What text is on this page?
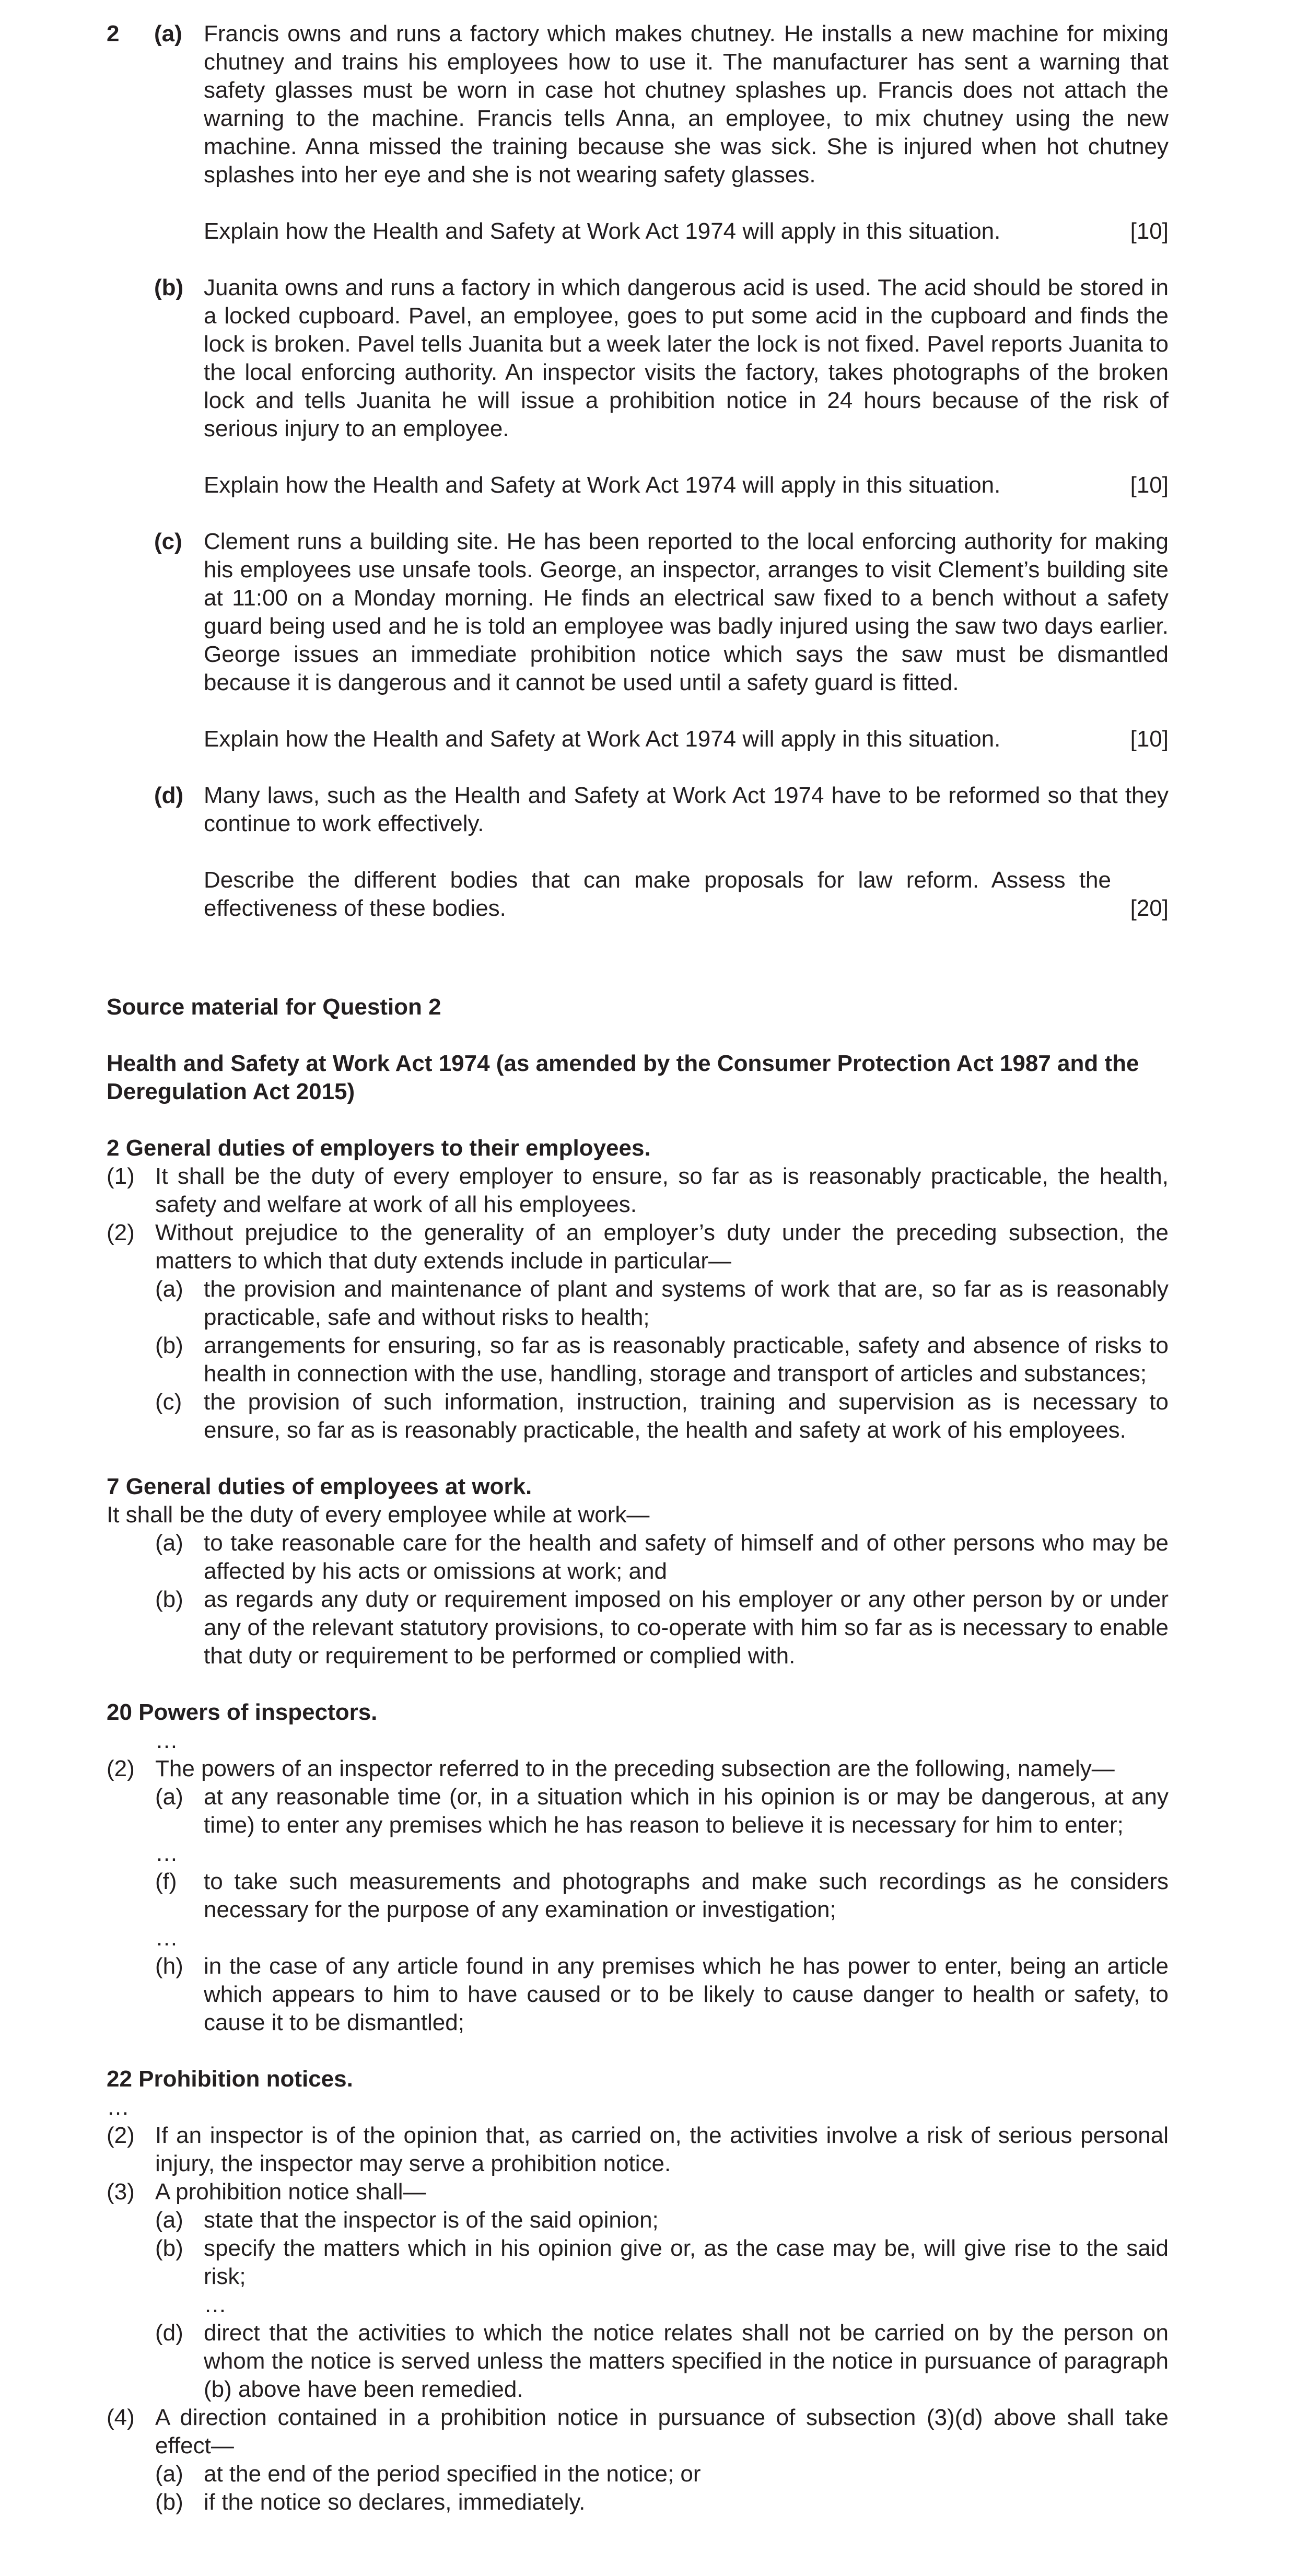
2 (a) Francis owns and runs a factory which makes chutney. He installs a new machine for mixing chutney and trains his employees how to use it. The manufacturer has sent a warning that safety glasses must be worn in case hot chutney splashes up. Francis does not attach the warning to the machine. Francis tells Anna, an employee, to mix chutney using the new machine. Anna missed the training because she was sick. She is injured when hot chutney splashes into her eye and she is not wearing safety glasses.

Explain how the Health and Safety at Work Act 1974 will apply in this situation.	[10]
(b) Juanita owns and runs a factory in which dangerous acid is used. The acid should be stored in a locked cupboard. Pavel, an employee, goes to put some acid in the cupboard and finds the lock is broken. Pavel tells Juanita but a week later the lock is not fixed. Pavel reports Juanita to the local enforcing authority. An inspector visits the factory, takes photographs of the broken lock and tells Juanita he will issue a prohibition notice in 24 hours because of the risk of serious injury to an employee.

Explain how the Health and Safety at Work Act 1974 will apply in this situation.	[10]
(c) Clement runs a building site. He has been reported to the local enforcing authority for making his employees use unsafe tools. George, an inspector, arranges to visit Clement’s building site at 11:00 on a Monday morning. He finds an electrical saw fixed to a bench without a safety guard being used and he is told an employee was badly injured using the saw two days earlier. George issues an immediate prohibition notice which says the saw must be dismantled because it is dangerous and it cannot be used until a safety guard is fitted.

Explain how the Health and Safety at Work Act 1974 will apply in this situation.	[10]
(d) Many laws, such as the Health and Safety at Work Act 1974 have to be reformed so that they continue to work effectively.

Describe the different bodies that can make proposals for law reform. Assess the effectiveness of these bodies.	[20]

Source material for Question 2

Health and Safety at Work Act 1974 (as amended by the Consumer Protection Act 1987 and the Deregulation Act 2015)

2 General duties of employers to their employees.

(1) It shall be the duty of every employer to ensure, so far as is reasonably practicable, the health, safety and welfare at work of all his employees.
(2) Without prejudice to the generality of an employer’s duty under the preceding subsection, the matters to which that duty extends include in particular—
(a) the provision and maintenance of plant and systems of work that are, so far as is reasonably practicable, safe and without risks to health;
(b) arrangements for ensuring, so far as is reasonably practicable, safety and absence of risks to health in connection with the use, handling, storage and transport of articles and substances;
(c) the provision of such information, instruction, training and supervision as is necessary to ensure, so far as is reasonably practicable, the health and safety at work of his employees.

7 General duties of employees at work.

It shall be the duty of every employee while at work—
(a) to take reasonable care for the health and safety of himself and of other persons who may be affected by his acts or omissions at work; and
(b) as regards any duty or requirement imposed on his employer or any other person by or under any of the relevant statutory provisions, to co-operate with him so far as is necessary to enable that duty or requirement to be performed or complied with.

20 Powers of inspectors.

…
(2) The powers of an inspector referred to in the preceding subsection are the following, namely—
(a) at any reasonable time (or, in a situation which in his opinion is or may be dangerous, at any time) to enter any premises which he has reason to believe it is necessary for him to enter;
…
(f) to take such measurements and photographs and make such recordings as he considers necessary for the purpose of any examination or investigation;
…
(h) in the case of any article found in any premises which he has power to enter, being an article which appears to him to have caused or to be likely to cause danger to health or safety, to cause it to be dismantled;

22 Prohibition notices.

…
(2) If an inspector is of the opinion that, as carried on, the activities involve a risk of serious personal injury, the inspector may serve a prohibition notice.
(3) A prohibition notice shall—
(a) state that the inspector is of the said opinion;
(b) specify the matters which in his opinion give or, as the case may be, will give rise to the said risk;
…
(d) direct that the activities to which the notice relates shall not be carried on by the person on whom the notice is served unless the matters specified in the notice in pursuance of paragraph (b) above have been remedied.
(4) A direction contained in a prohibition notice in pursuance of subsection (3)(d) above shall take effect—
(a) at the end of the period specified in the notice; or
(b) if the notice so declares, immediately.
